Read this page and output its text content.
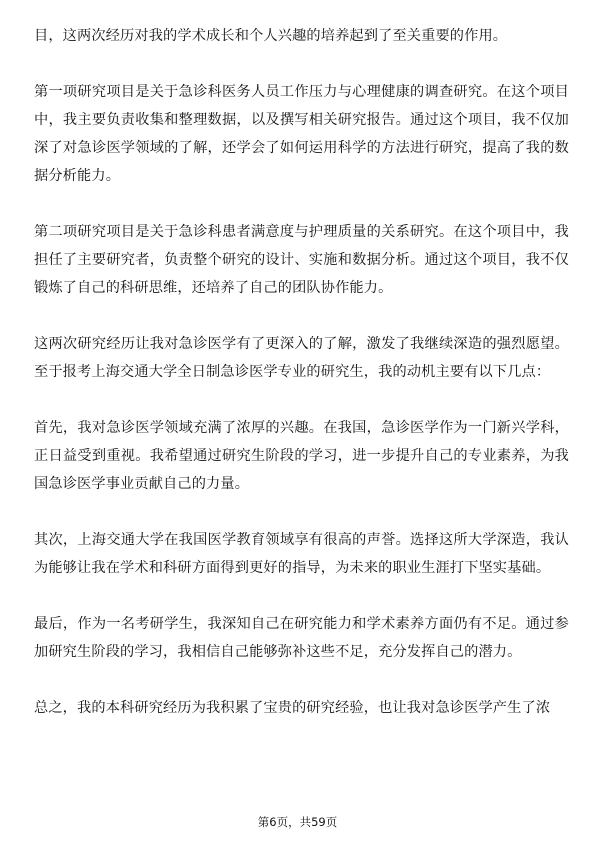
目，这两次经历对我的学术成长和个人兴趣的培养起到了至关重要的作用。

第一项研究项目是关于急诊科医务人员工作压力与心理健康的调查研究。在这个项目中，我主要负责收集和整理数据，以及撰写相关研究报告。通过这个项目，我不仅加深了对急诊医学领域的了解，还学会了如何运用科学的方法进行研究，提高了我的数据分析能力。

第二项研究项目是关于急诊科患者满意度与护理质量的关系研究。在这个项目中，我担任了主要研究者，负责整个研究的设计、实施和数据分析。通过这个项目，我不仅锻炼了自己的科研思维，还培养了自己的团队协作能力。

这两次研究经历让我对急诊医学有了更深入的了解，激发了我继续深造的强烈愿望。至于报考上海交通大学全日制急诊医学专业的研究生，我的动机主要有以下几点：

首先，我对急诊医学领域充满了浓厚的兴趣。在我国，急诊医学作为一门新兴学科，正日益受到重视。我希望通过研究生阶段的学习，进一步提升自己的专业素养，为我国急诊医学事业贡献自己的力量。

其次，上海交通大学在我国医学教育领域享有很高的声誉。选择这所大学深造，我认为能够让我在学术和科研方面得到更好的指导，为未来的职业生涯打下坚实基础。

最后，作为一名考研学生，我深知自己在研究能力和学术素养方面仍有不足。通过参加研究生阶段的学习，我相信自己能够弥补这些不足，充分发挥自己的潜力。

总之，我的本科研究经历为我积累了宝贵的研究经验，也让我对急诊医学产生了浓

第6页，共59页
